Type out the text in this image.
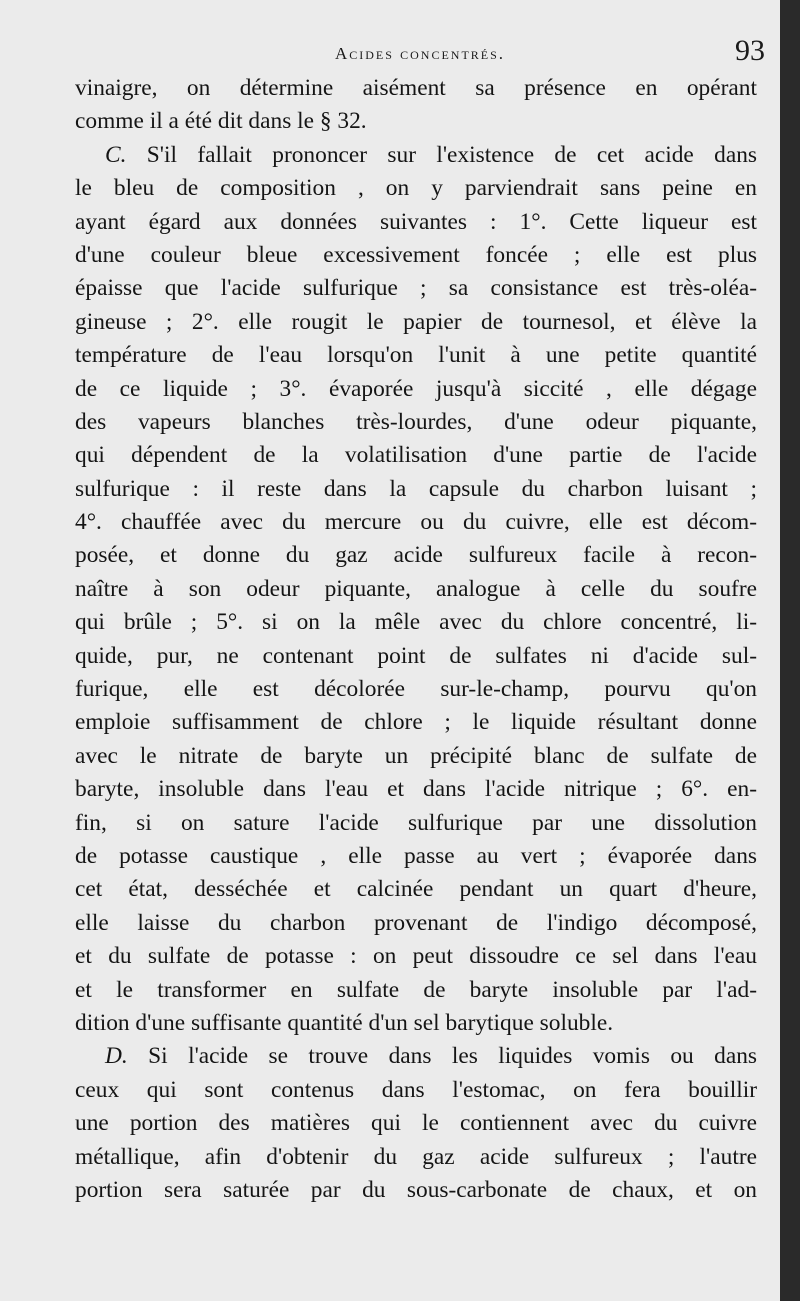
Acides concentrés.	93
vinaigre, on détermine aisément sa présence en opérant
comme il a été dit dans le § 32.
C. S'il fallait prononcer sur l'existence de cet acide dans
le bleu de composition , on y parviendrait sans peine en
ayant égard aux données suivantes : 1°. Cette liqueur est
d'une couleur bleue excessivement foncée ; elle est plus
épaisse que l'acide sulfurique ; sa consistance est très-oléa-
gineuse ; 2°. elle rougit le papier de tournesol, et élève la
température de l'eau lorsqu'on l'unit à une petite quantité
de ce liquide ; 3°. évaporée jusqu'à siccité , elle dégage
des vapeurs blanches très-lourdes, d'une odeur piquante,
qui dépendent de la volatilisation d'une partie de l'acide
sulfurique : il reste dans la capsule du charbon luisant ;
4°. chauffée avec du mercure ou du cuivre, elle est décom-
posée, et donne du gaz acide sulfureux facile à recon-
naître à son odeur piquante, analogue à celle du soufre
qui brûle ; 5°. si on la mêle avec du chlore concentré, li-
quide, pur, ne contenant point de sulfates ni d'acide sul-
furique, elle est décolorée sur-le-champ, pourvu qu'on
emploie suffisamment de chlore ; le liquide résultant donne
avec le nitrate de baryte un précipité blanc de sulfate de
baryte, insoluble dans l'eau et dans l'acide nitrique ; 6°. en-
fin, si on sature l'acide sulfurique par une dissolution
de potasse caustique , elle passe au vert ; évaporée dans
cet état, desséchée et calcinée pendant un quart d'heure,
elle laisse du charbon provenant de l'indigo décomposé,
et du sulfate de potasse : on peut dissoudre ce sel dans l'eau
et le transformer en sulfate de baryte insoluble par l'ad-
dition d'une suffisante quantité d'un sel barytique soluble.
D. Si l'acide se trouve dans les liquides vomis ou dans
ceux qui sont contenus dans l'estomac, on fera bouillir
une portion des matières qui le contiennent avec du cuivre
métallique, afin d'obtenir du gaz acide sulfureux ; l'autre
portion sera saturée par du sous-carbonate de chaux, et on
